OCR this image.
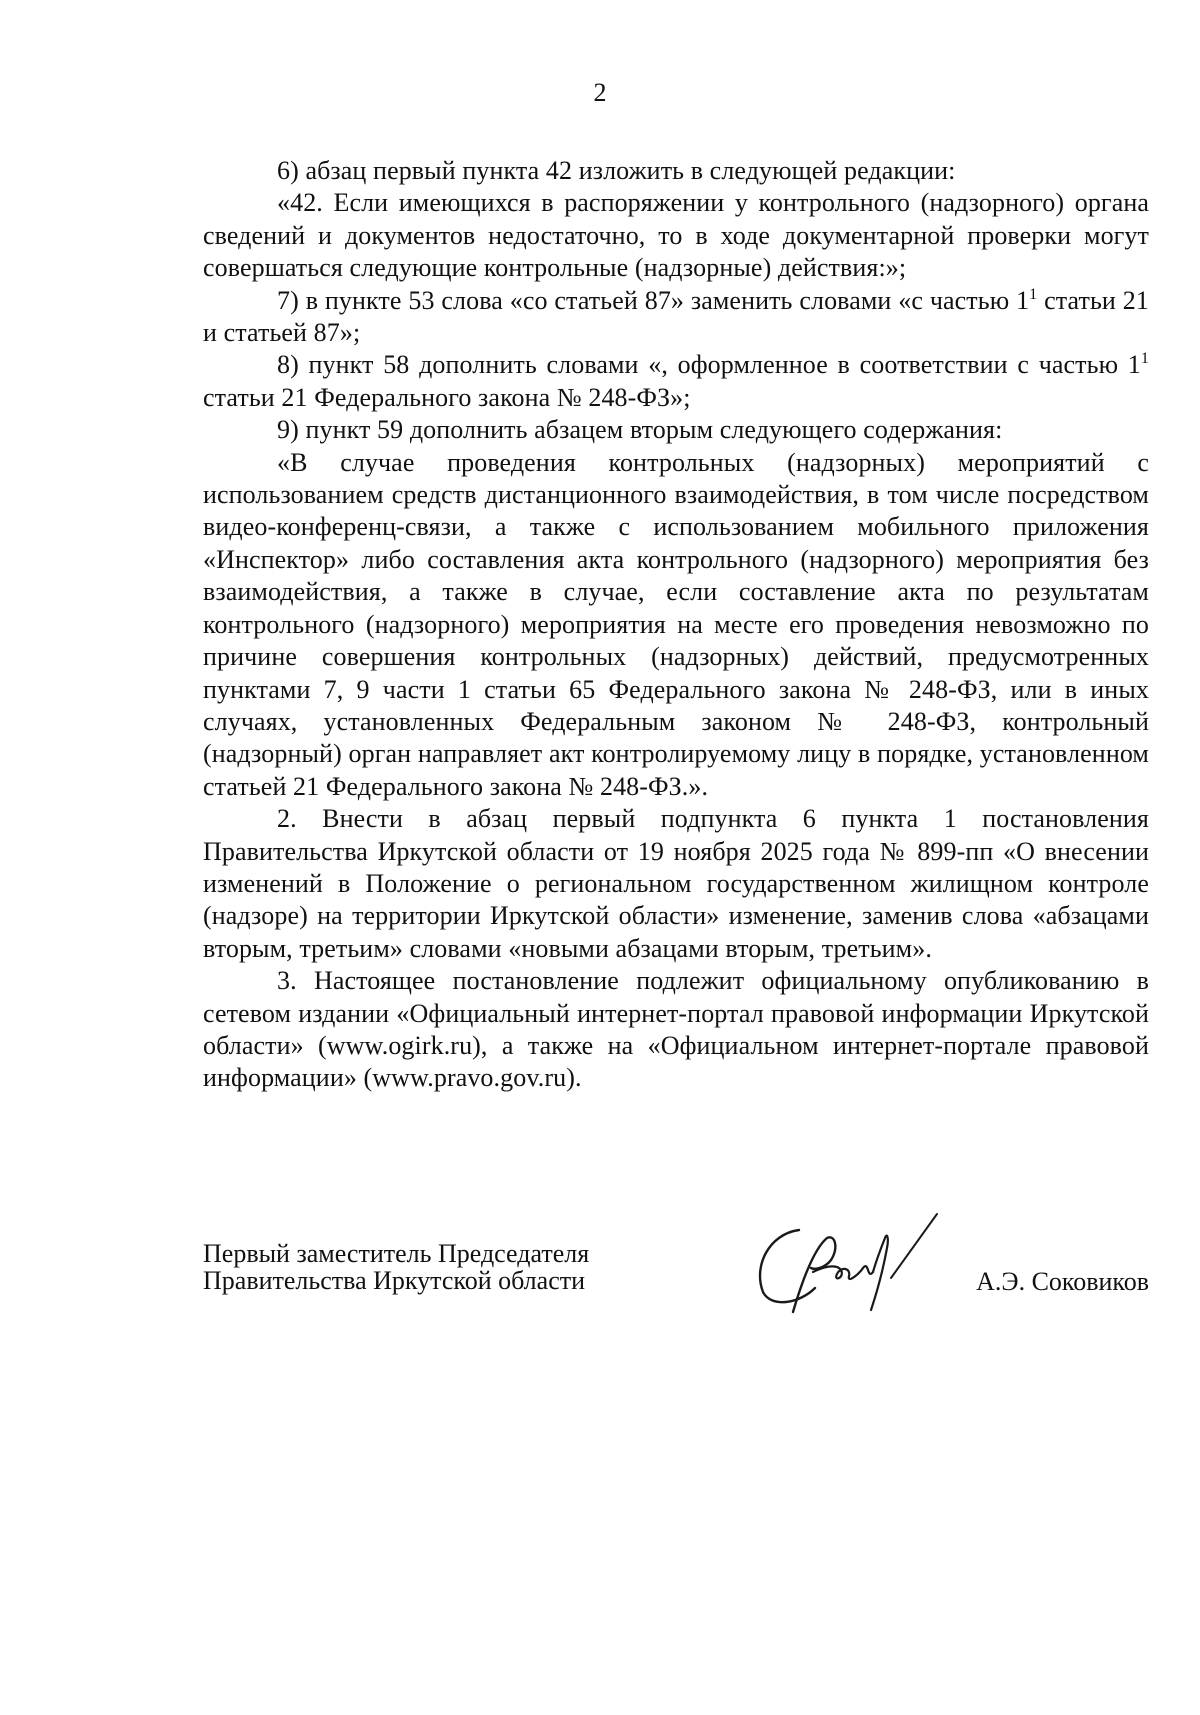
2

6) абзац первый пункта 42 изложить в следующей редакции:

«42. Если имеющихся в распоряжении у контрольного (надзорного) органа сведений и документов недостаточно, то в ходе документарной проверки могут совершаться следующие контрольные (надзорные) действия:»;

7) в пункте 53 слова «со статьей 87» заменить словами «с частью $1^1$ статьи 21 и статьей 87»;

8) пункт 58 дополнить словами «, оформленное в соответствии с частью $1^1$ статьи 21 Федерального закона № 248-ФЗ»;

9) пункт 59 дополнить абзацем вторым следующего содержания:

«В случае проведения контрольных (надзорных) мероприятий с использованием средств дистанционного взаимодействия, в том числе посредством видео-конференц-связи, а также с использованием мобильного приложения «Инспектор» либо составления акта контрольного (надзорного) мероприятия без взаимодействия, а также в случае, если составление акта по результатам контрольного (надзорного) мероприятия на месте его проведения невозможно по причине совершения контрольных (надзорных) действий, предусмотренных пунктами 7, 9 части 1 статьи 65 Федерального закона № 248-ФЗ, или в иных случаях, установленных Федеральным законом № 248-ФЗ, контрольный (надзорный) орган направляет акт контролируемому лицу в порядке, установленном статьей 21 Федерального закона № 248-ФЗ.».

2. Внести в абзац первый подпункта 6 пункта 1 постановления Правительства Иркутской области от 19 ноября 2025 года № 899-пп «О внесении изменений в Положение о региональном государственном жилищном контроле (надзоре) на территории Иркутской области» изменение, заменив слова «абзацами вторым, третьим» словами «новыми абзацами вторым, третьим».

3. Настоящее постановление подлежит официальному опубликованию в сетевом издании «Официальный интернет-портал правовой информации Иркутской области» (www.ogirk.ru), а также на «Официальном интернет-портале правовой информации» (www.pravo.gov.ru).

Первый заместитель Председателя
Правительства Иркутской области	А.Э. Соковиков
